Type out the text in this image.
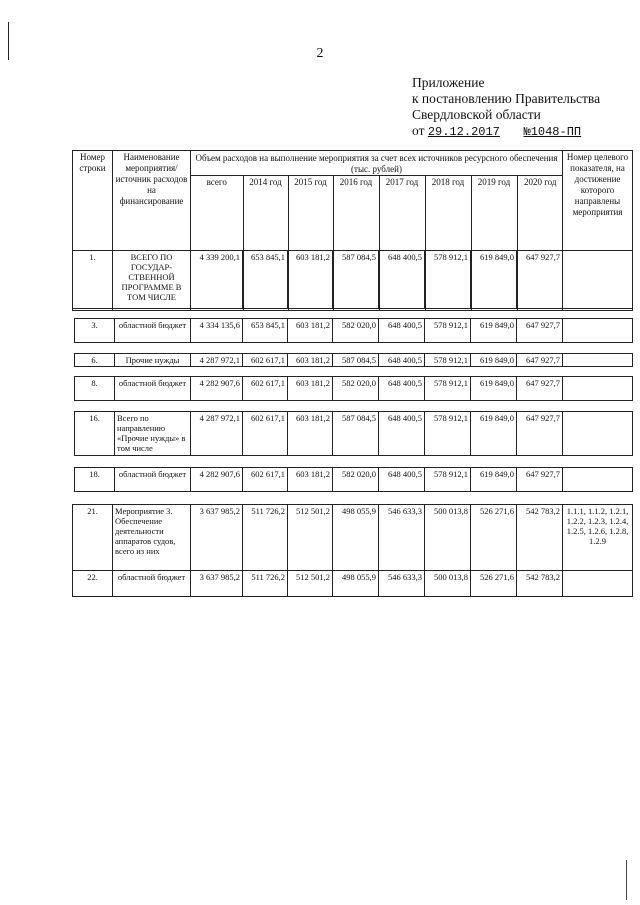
2
Приложение
к постановлению Правительства
Свердловской области
от 29.12.2017 №1048-ПП
Номер строки	Наименование мероприятия/ источник расходов на финансирование	
Объем расходов на выполнение мероприятия за счет всех источников ресурсного обеспечения (тыс. рублей)
всего	2014 год	2015 год	2016 год	2017 год	2018 год	2019 год	2020 год
	Номер целевого показателя, на достижение которого направлены мероприятия
1.	ВСЕГО ПО ГОСУДАР-СТВЕННОЙ ПРОГРАММЕ В ТОМ ЧИСЛЕ	4 339 200,1	653 845,1	603 181,2	587 084,5	648 400,5	578 912,1	619 849,0	647 927,7	
3.	областной бюджет	4 334 135,6	653 845,1	603 181,2	582 020,0	648 400,5	578 912,1	619 849,0	647 927,7	
6.	Прочие нужды	4 287 972,1	602 617,1	603 181,2	587 084,5	648 400,5	578 912,1	619 849,0	647 927,7	
8.	областной бюджет	4 282 907,6	602 617,1	603 181,2	582 020,0	648 400,5	578 912,1	619 849,0	647 927,7	
16.	Всего по направлению «Прочие нужды» в том числе	4 287 972,1	602 617,1	603 181,2	587 084,5	648 400,5	578 912,1	619 849,0	647 927,7	
18.	областной бюджет	4 282 907,6	602 617,1	603 181,2	582 020,0	648 400,5	578 912,1	619 849,0	647 927,7	
21.	Мероприятие 3. Обеспечение деятельности аппаратов судов, всего из них	3 637 985,2	511 726,2	512 501,2	498 055,9	546 633,3	500 013,8	526 271,6	542 783,2	1.1.1, 1.1.2, 1.2.1, 1.2.2, 1.2.3, 1.2.4, 1.2.5, 1.2.6, 1.2.8, 1.2.9
22.	областной бюджет	3 637 985,2	511 726,2	512 501,2	498 055,9	546 633,3	500 013,8	526 271,6	542 783,2	
